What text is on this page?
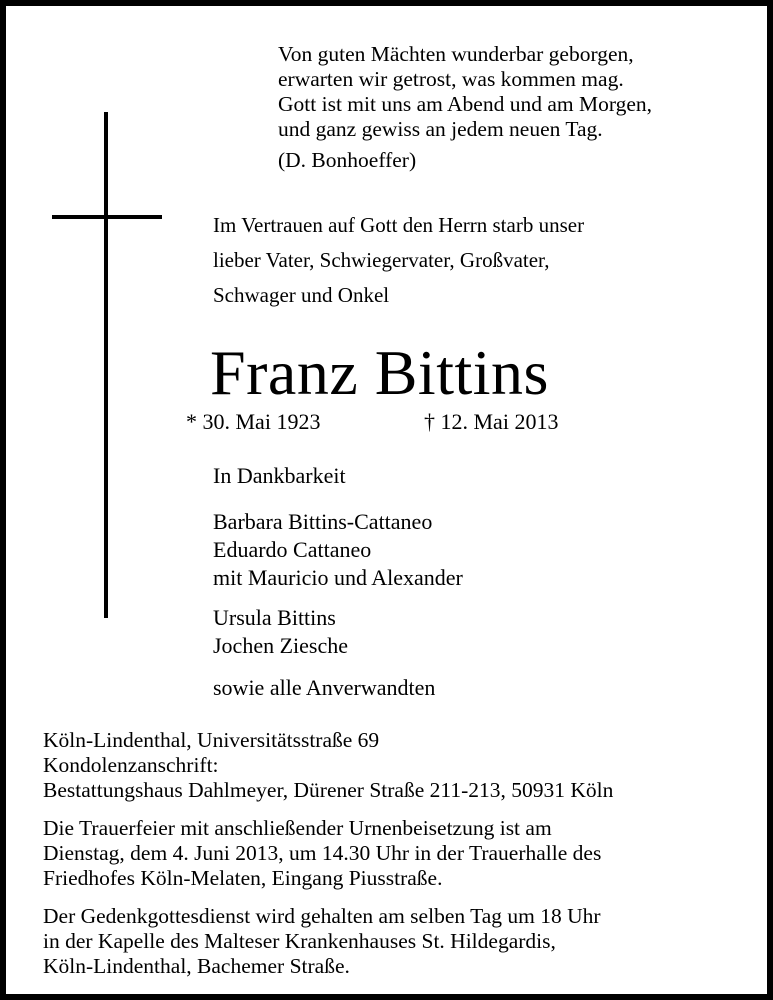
Von guten Mächten wunderbar geborgen,
erwarten wir getrost, was kommen mag.
Gott ist mit uns am Abend und am Morgen,
und ganz gewiss an jedem neuen Tag.
(D. Bonhoeffer)
Im Vertrauen auf Gott den Herrn starb unser
lieber Vater, Schwiegervater, Großvater,
Schwager und Onkel
Franz Bittins
* 30. Mai 1923	† 12. Mai 2013
In Dankbarkeit
Barbara Bittins-Cattaneo
Eduardo Cattaneo
mit Mauricio und Alexander
Ursula Bittins
Jochen Ziesche
sowie alle Anverwandten
Köln-Lindenthal, Universitätsstraße 69
Kondolenzanschrift:
Bestattungshaus Dahlmeyer, Dürener Straße 211-213, 50931 Köln
Die Trauerfeier mit anschließender Urnenbeisetzung ist am
Dienstag, dem 4. Juni 2013, um 14.30 Uhr in der Trauerhalle des
Friedhofes Köln-Melaten, Eingang Piusstraße.
Der Gedenkgottesdienst wird gehalten am selben Tag um 18 Uhr
in der Kapelle des Malteser Krankenhauses St. Hildegardis,
Köln-Lindenthal, Bachemer Straße.
